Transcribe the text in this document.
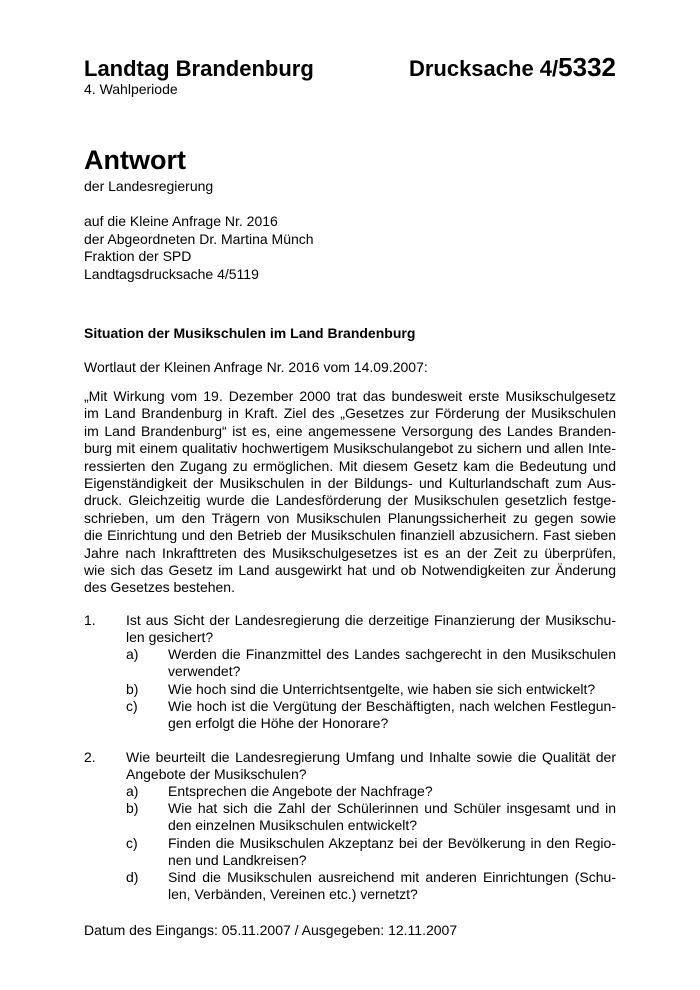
Landtag Brandenburg	Drucksache 4/5332
4. Wahlperiode
Antwort
der Landesregierung
auf die Kleine Anfrage Nr. 2016
der Abgeordneten Dr. Martina Münch
Fraktion der SPD
Landtagsdrucksache 4/5119
Situation der Musikschulen im Land Brandenburg
Wortlaut der Kleinen Anfrage Nr. 2016 vom 14.09.2007:
„Mit Wirkung vom 19. Dezember 2000 trat das bundesweit erste Musikschulgesetz
im Land Brandenburg in Kraft. Ziel des „Gesetzes zur Förderung der Musikschulen
im Land Brandenburg“ ist es, eine angemessene Versorgung des Landes Branden-
burg mit einem qualitativ hochwertigem Musikschulangebot zu sichern und allen Inte-
ressierten den Zugang zu ermöglichen. Mit diesem Gesetz kam die Bedeutung und
Eigenständigkeit der Musikschulen in der Bildungs- und Kulturlandschaft zum Aus-
druck. Gleichzeitig wurde die Landesförderung der Musikschulen gesetzlich festge-
schrieben, um den Trägern von Musikschulen Planungssicherheit zu gegen sowie
die Einrichtung und den Betrieb der Musikschulen finanziell abzusichern. Fast sieben
Jahre nach Inkrafttreten des Musikschulgesetzes ist es an der Zeit zu überprüfen,
wie sich das Gesetz im Land ausgewirkt hat und ob Notwendigkeiten zur Änderung
des Gesetzes bestehen.
1. Ist aus Sicht der Landesregierung die derzeitige Finanzierung der Musikschu-
len gesichert?
a) Werden die Finanzmittel des Landes sachgerecht in den Musikschulen
verwendet?
b) Wie hoch sind die Unterrichtsentgelte, wie haben sie sich entwickelt?
c) Wie hoch ist die Vergütung der Beschäftigten, nach welchen Festlegun-
gen erfolgt die Höhe der Honorare?
2. Wie beurteilt die Landesregierung Umfang und Inhalte sowie die Qualität der
Angebote der Musikschulen?
a) Entsprechen die Angebote der Nachfrage?
b) Wie hat sich die Zahl der Schülerinnen und Schüler insgesamt und in
den einzelnen Musikschulen entwickelt?
c) Finden die Musikschulen Akzeptanz bei der Bevölkerung in den Regio-
nen und Landkreisen?
d) Sind die Musikschulen ausreichend mit anderen Einrichtungen (Schu-
len, Verbänden, Vereinen etc.) vernetzt?
Datum des Eingangs: 05.11.2007 / Ausgegeben: 12.11.2007
